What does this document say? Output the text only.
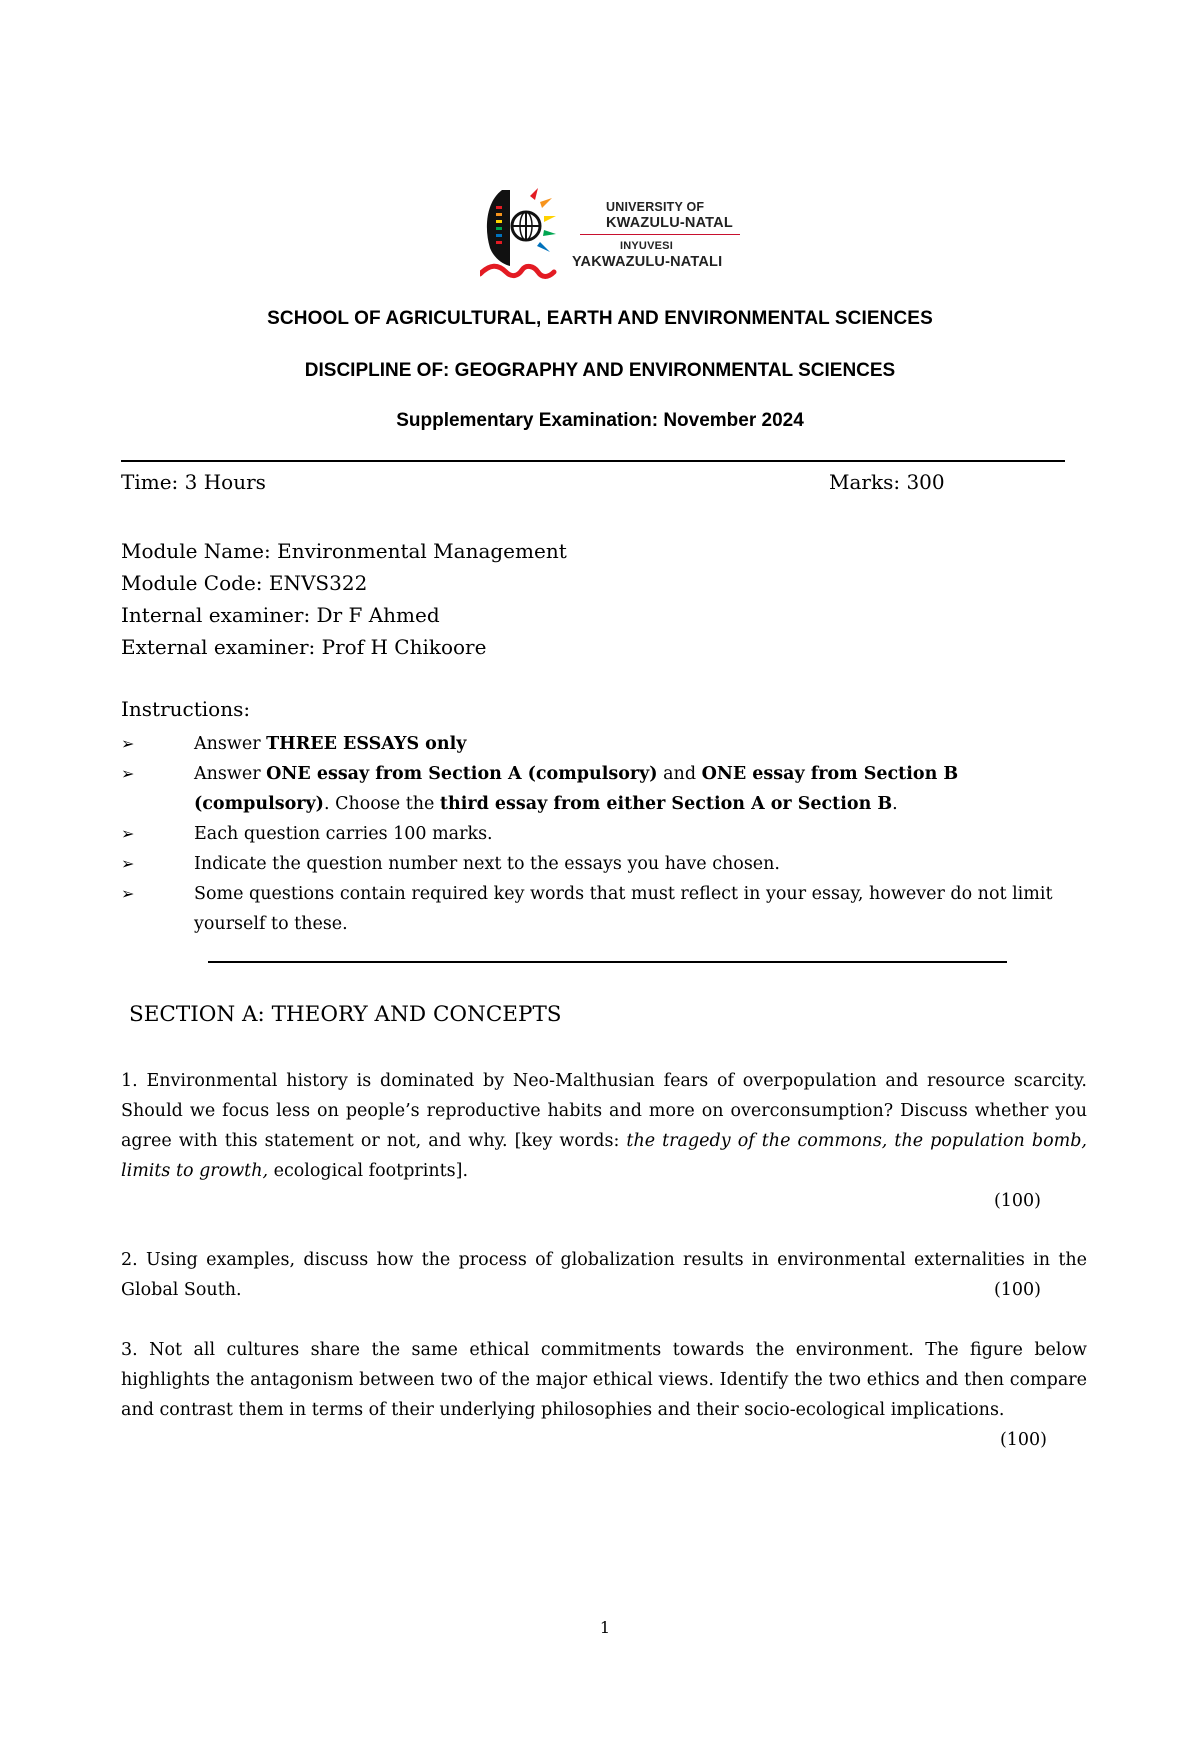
UNIVERSITY OF
KWAZULU-NATAL
INYUVESI
YAKWAZULU-NATALI
SCHOOL OF AGRICULTURAL, EARTH AND ENVIRONMENTAL SCIENCES
DISCIPLINE OF: GEOGRAPHY AND ENVIRONMENTAL SCIENCES
Supplementary Examination: November 2024
Time: 3 Hours	Marks: 300
Module Name: Environmental Management
Module Code: ENVS322
Internal examiner: Dr F Ahmed
External examiner: Prof H Chikoore
Instructions:
➢	Answer THREE ESSAYS only
➢	Answer ONE essay from Section A (compulsory) and ONE essay from Section B (compulsory). Choose the third essay from either Section A or Section B.
➢	Each question carries 100 marks.
➢	Indicate the question number next to the essays you have chosen.
➢	Some questions contain required key words that must reflect in your essay, however do not limit yourself to these.
SECTION A: THEORY AND CONCEPTS
1. Environmental history is dominated by Neo-Malthusian fears of overpopulation and resource scarcity. Should we focus less on people’s reproductive habits and more on overconsumption? Discuss whether you agree with this statement or not, and why. [key words: the tragedy of the commons, the population bomb, limits to growth, ecological footprints].
(100)
2. Using examples, discuss how the process of globalization results in environmental externalities in the Global South.	(100)
3. Not all cultures share the same ethical commitments towards the environment. The figure below highlights the antagonism between two of the major ethical views. Identify the two ethics and then compare and contrast them in terms of their underlying philosophies and their socio-ecological implications.
(100)
1
